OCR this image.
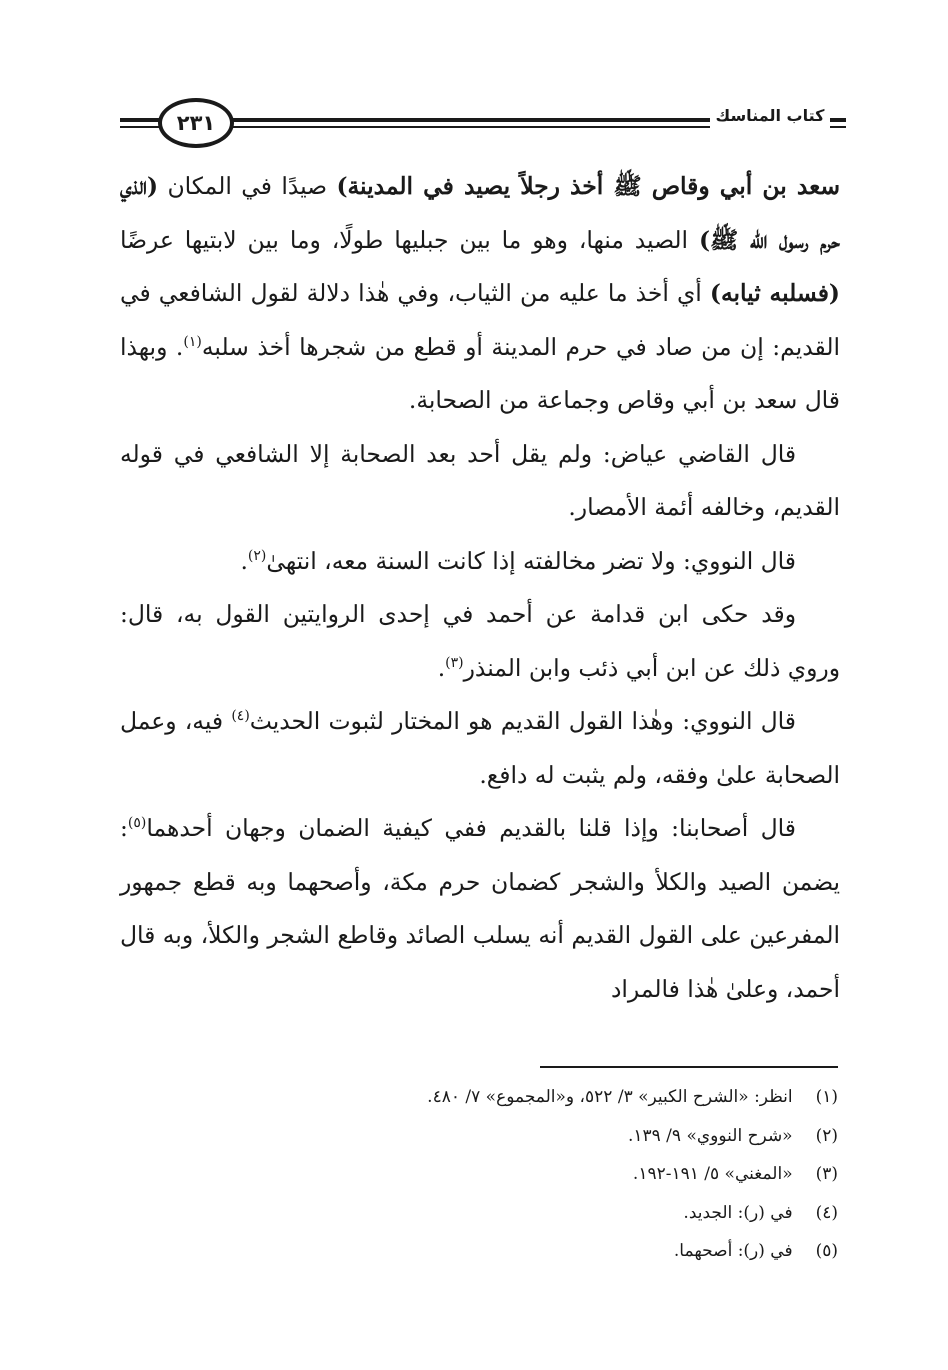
٢٣١	كتاب المناسك

سعد بن أبي وقاص ﷺ أخذ رجلاً يصيد في المدينة) صيدًا في المكان (الذي حرم رسول الله ﷺ) الصيد منها، وهو ما بين جبليها طولًا، وما بين لابتيها عرضًا (فسلبه ثيابه) أي أخذ ما عليه من الثياب، وفي هٰذا دلالة لقول الشافعي في القديم: إن من صاد في حرم المدينة أو قطع من شجرها أخذ سلبه$^{(١)}$. وبهذا قال سعد بن أبي وقاص وجماعة من الصحابة.

قال القاضي عياض: ولم يقل أحد بعد الصحابة إلا الشافعي في قوله القديم، وخالفه أئمة الأمصار.

قال النووي: ولا تضر مخالفته إذا كانت السنة معه، انتهىٰ$^{(٢)}$.

وقد حكى ابن قدامة عن أحمد في إحدى الروايتين القول به، قال: وروي ذلك عن ابن أبي ذئب وابن المنذر$^{(٣)}$.

قال النووي: وهٰذا القول القديم هو المختار لثبوت الحديث$^{(٤)}$ فيه، وعمل الصحابة علىٰ وفقه، ولم يثبت له دافع.

قال أصحابنا: وإذا قلنا بالقديم ففي كيفية الضمان وجهان أحدهما$^{(٥)}$: يضمن الصيد والكلأ والشجر كضمان حرم مكة، وأصحهما وبه قطع جمهور المفرعين على القول القديم أنه يسلب الصائد وقاطع الشجر والكلأ، وبه قال أحمد، وعلىٰ هٰذا فالمراد

(١) انظر: «الشرح الكبير» ٣/ ٥٢٢، و«المجموع» ٧/ ٤٨٠.
(٢) «شرح النووي» ٩/ ١٣٩.
(٣) «المغني» ٥/ ١٩١-١٩٢.
(٤) في (ر): الجديد.
(٥) في (ر): أصحهما.
